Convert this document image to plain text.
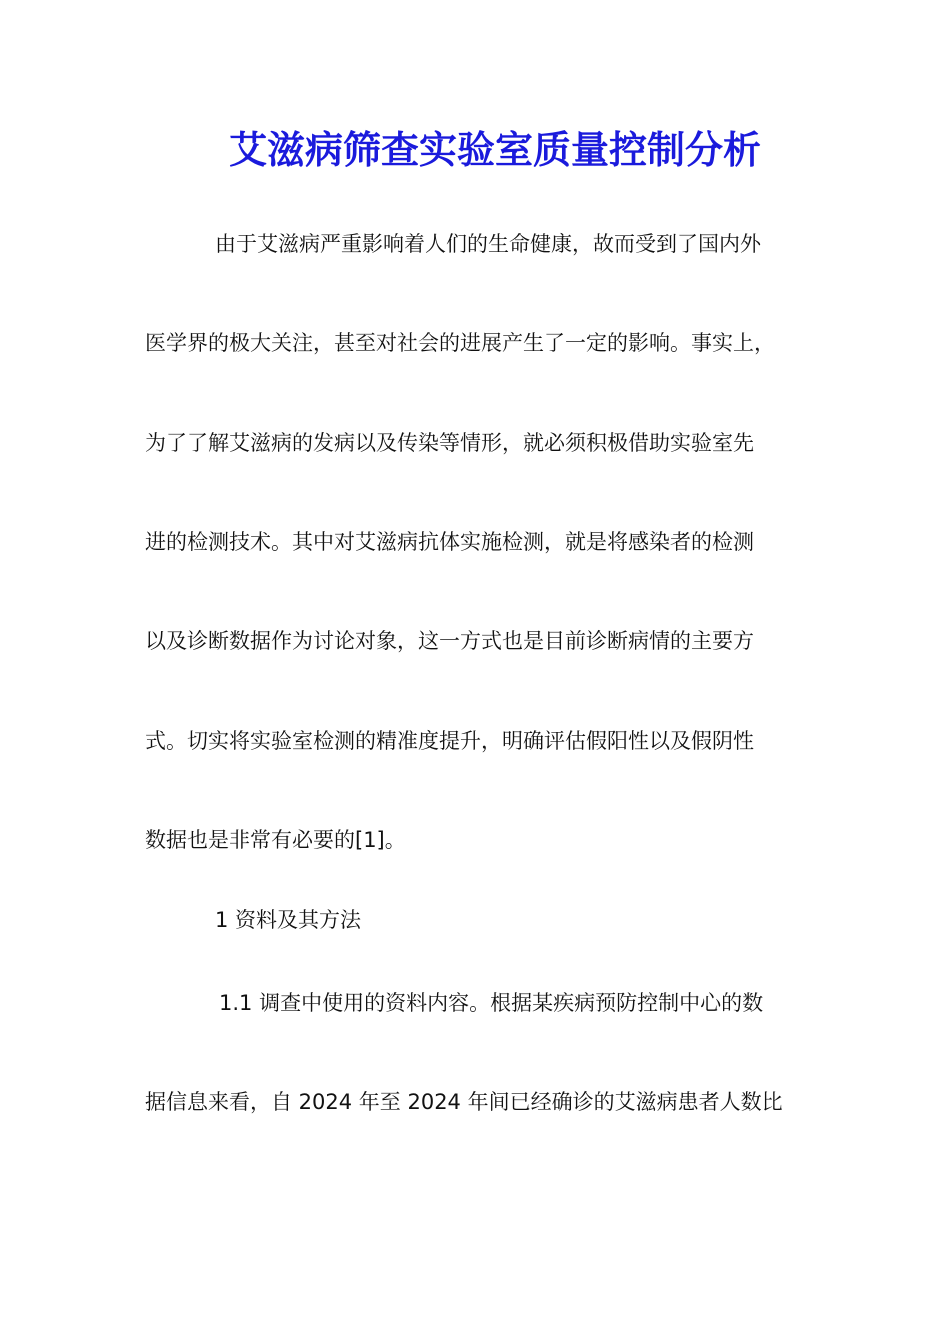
艾滋病筛查实验室质量控制分析
由于艾滋病严重影响着人们的生命健康，故而受到了国内外
医学界的极大关注，甚至对社会的进展产生了一定的影响。事实上，
为了了解艾滋病的发病以及传染等情形，就必须积极借助实验室先
进的检测技术。其中对艾滋病抗体实施检测，就是将感染者的检测
以及诊断数据作为讨论对象，这一方式也是目前诊断病情的主要方
式。切实将实验室检测的精准度提升，明确评估假阳性以及假阴性
数据也是非常有必要的[1]。
1 资料及其方法
1.1 调查中使用的资料内容。根据某疾病预防控制中心的数
据信息来看，自 2024 年至 2024 年间已经确诊的艾滋病患者人数比
